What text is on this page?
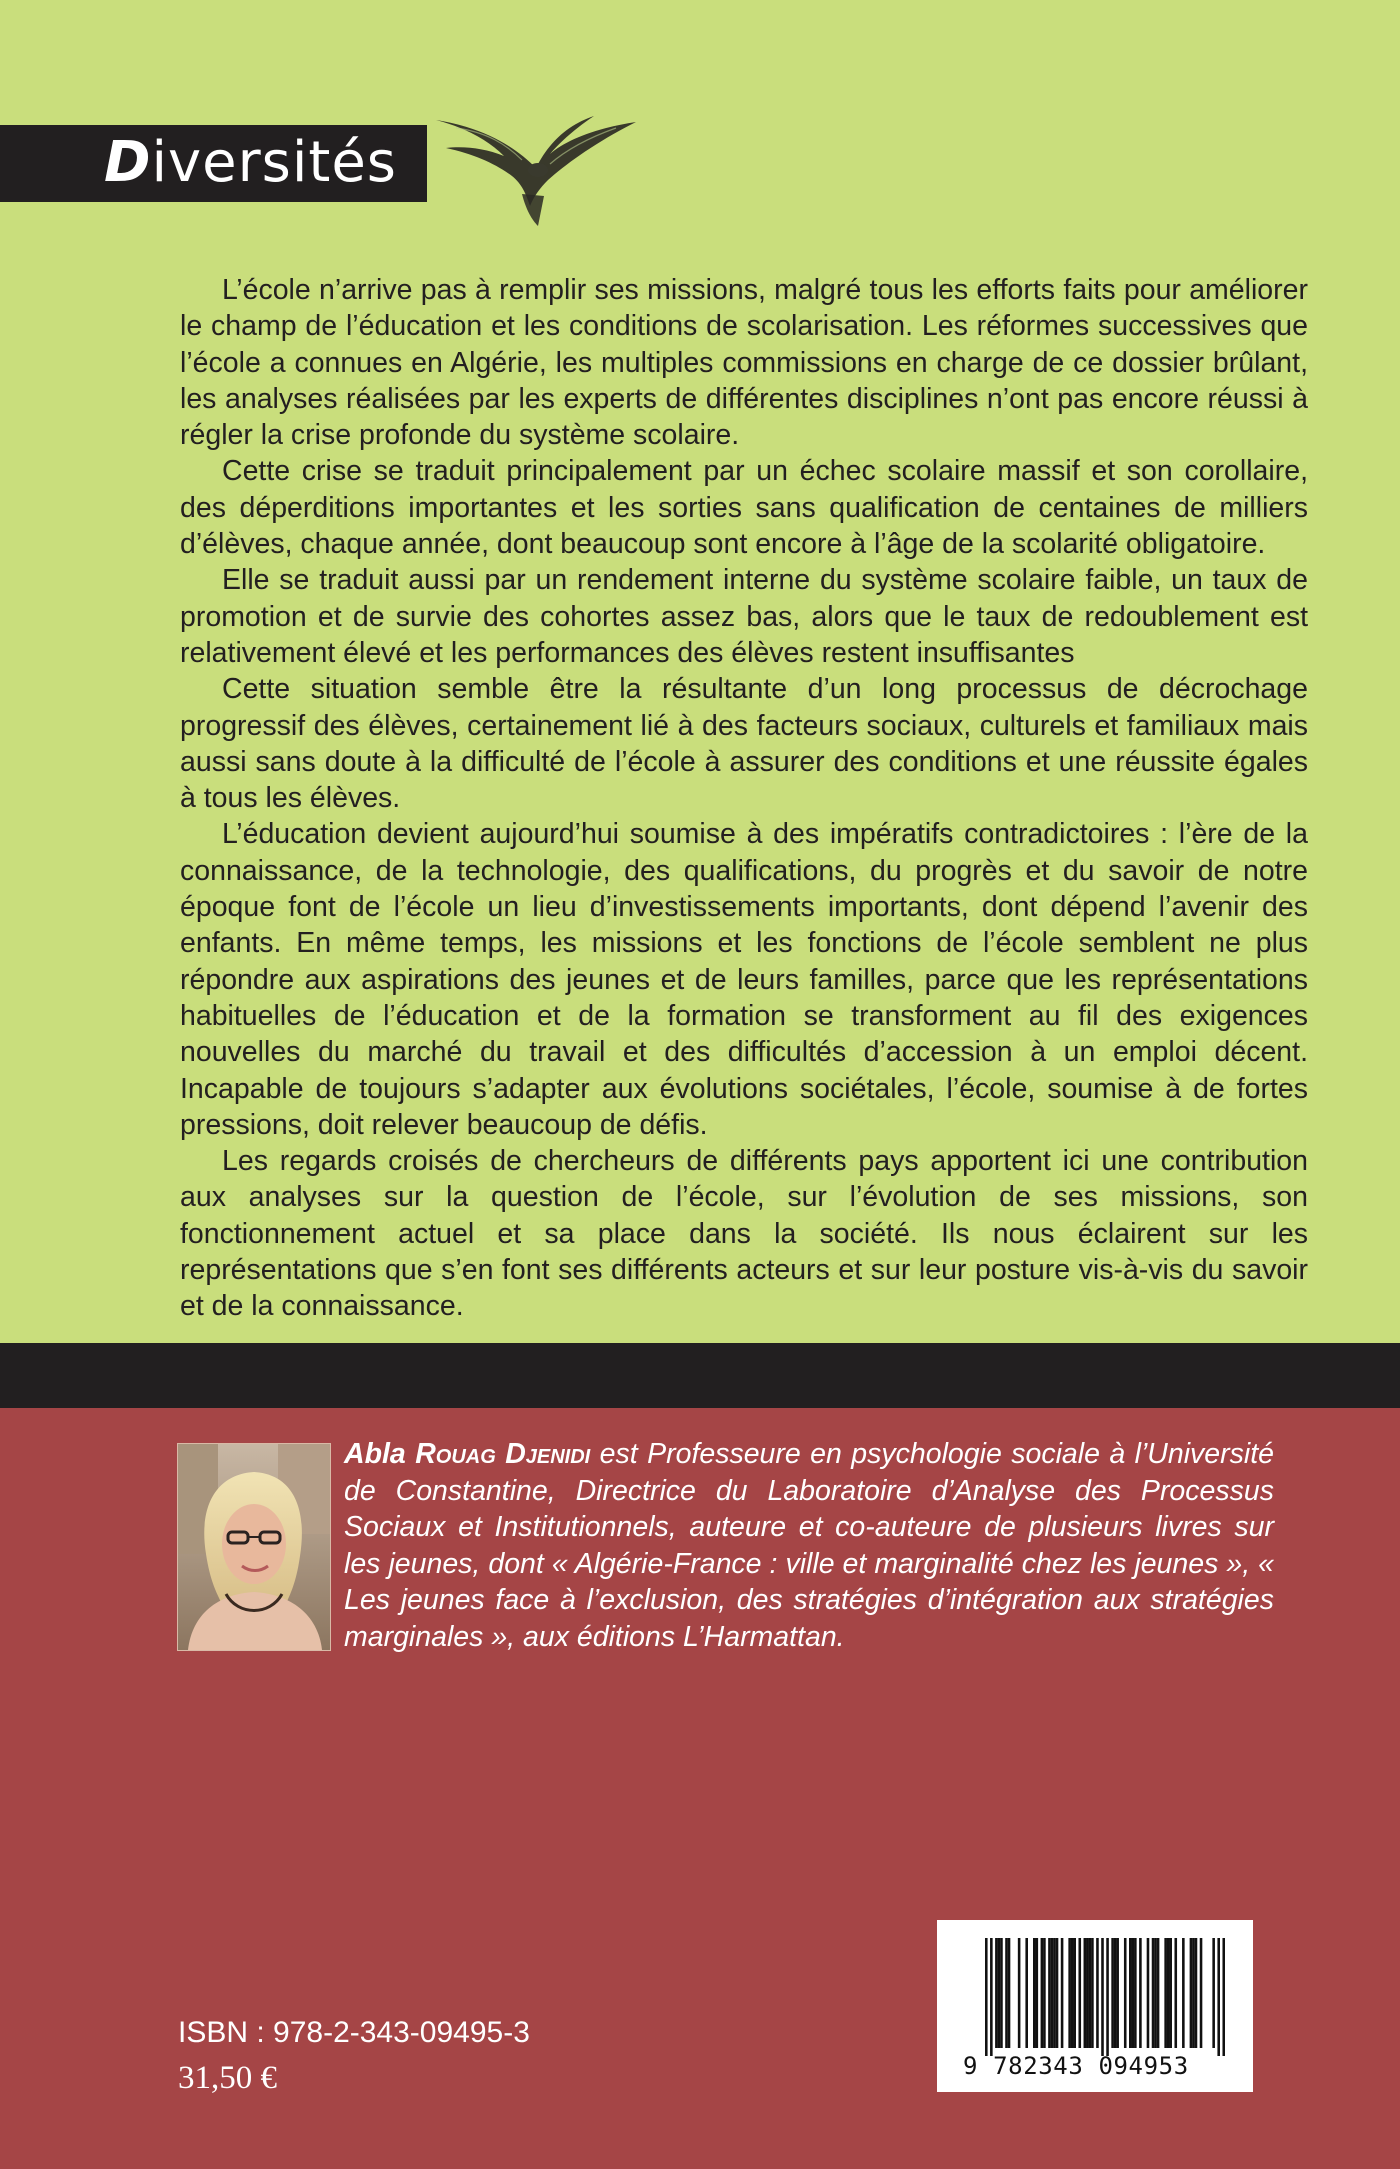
Diversités

L’école n’arrive pas à remplir ses missions, malgré tous les efforts faits pour améliorer le champ de l’éducation et les conditions de scolarisation. Les réformes successives que l’école a connues en Algérie, les multiples commissions en charge de ce dossier brûlant, les analyses réalisées par les experts de différentes disciplines n’ont pas encore réussi à régler la crise profonde du système scolaire.

Cette crise se traduit principalement par un échec scolaire massif et son corollaire, des déperditions importantes et les sorties sans qualification de centaines de milliers d’élèves, chaque année, dont beaucoup sont encore à l’âge de la scolarité obligatoire.

Elle se traduit aussi par un rendement interne du système scolaire faible, un taux de promotion et de survie des cohortes assez bas, alors que le taux de redoublement est relativement élevé et les performances des élèves restent insuffisantes

Cette situation semble être la résultante d’un long processus de décrochage progressif des élèves, certainement lié à des facteurs sociaux, culturels et familiaux mais aussi sans doute à la difficulté de l’école à assurer des conditions et une réussite égales à tous les élèves.

L’éducation devient aujourd’hui soumise à des impératifs contradictoires : l’ère de la connaissance, de la technologie, des qualifications, du progrès et du savoir de notre époque font de l’école un lieu d’investissements importants, dont dépend l’avenir des enfants. En même temps, les missions et les fonctions de l’école semblent ne plus répondre aux aspirations des jeunes et de leurs familles, parce que les représentations habituelles de l’éducation et de la formation se transforment au fil des exigences nouvelles du marché du travail et des difficultés d’accession à un emploi décent. Incapable de toujours s’adapter aux évolutions sociétales, l’école, soumise à de fortes pressions, doit relever beaucoup de défis.

Les regards croisés de chercheurs de différents pays apportent ici une contribution aux analyses sur la question de l’école, sur l’évolution de ses missions, son fonctionnement actuel et sa place dans la société. Ils nous éclairent sur les représentations que s’en font ses différents acteurs et sur leur posture vis-à-vis du savoir et de la connaissance.

Abla Rouag Djenidi est Professeure en psychologie sociale à l’Université de Constantine, Directrice du Laboratoire d’Analyse des Processus Sociaux et Institutionnels, auteure et co-auteure de plusieurs livres sur les jeunes, dont « Algérie-France : ville et marginalité chez les jeunes », « Les jeunes face à l’exclusion, des stratégies d’intégration aux stratégies marginales », aux éditions L’Harmattan.
ISBN : 978-2-343-09495-3
31,50 €	9 782343 094953
